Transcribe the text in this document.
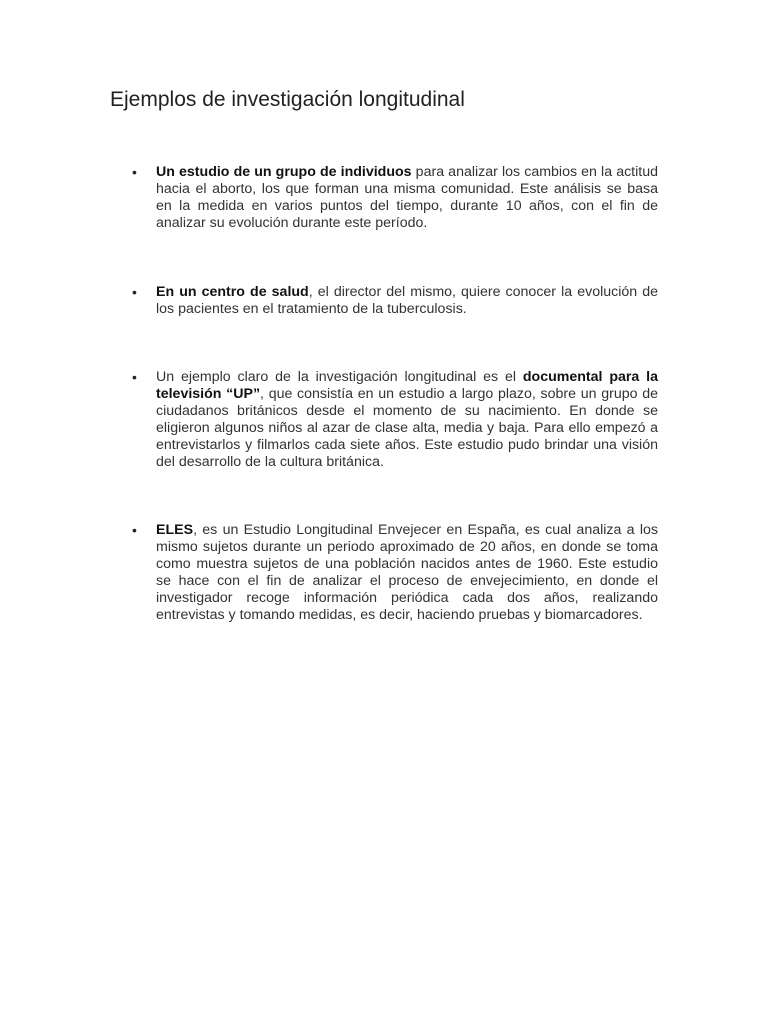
Ejemplos de investigación longitudinal

• Un estudio de un grupo de individuos para analizar los cambios en la actitud hacia el aborto, los que forman una misma comunidad. Este análisis se basa en la medida en varios puntos del tiempo, durante 10 años, con el fin de analizar su evolución durante este período.

• En un centro de salud, el director del mismo, quiere conocer la evolución de los pacientes en el tratamiento de la tuberculosis.

• Un ejemplo claro de la investigación longitudinal es el documental para la televisión “UP”, que consistía en un estudio a largo plazo, sobre un grupo de ciudadanos británicos desde el momento de su nacimiento. En donde se eligieron algunos niños al azar de clase alta, media y baja. Para ello empezó a entrevistarlos y filmarlos cada siete años. Este estudio pudo brindar una visión del desarrollo de la cultura británica.

• ELES, es un Estudio Longitudinal Envejecer en España, es cual analiza a los mismo sujetos durante un periodo aproximado de 20 años, en donde se toma como muestra sujetos de una población nacidos antes de 1960. Este estudio se hace con el fin de analizar el proceso de envejecimiento, en donde el investigador recoge información periódica cada dos años, realizando entrevistas y tomando medidas, es decir, haciendo pruebas y biomarcadores.
